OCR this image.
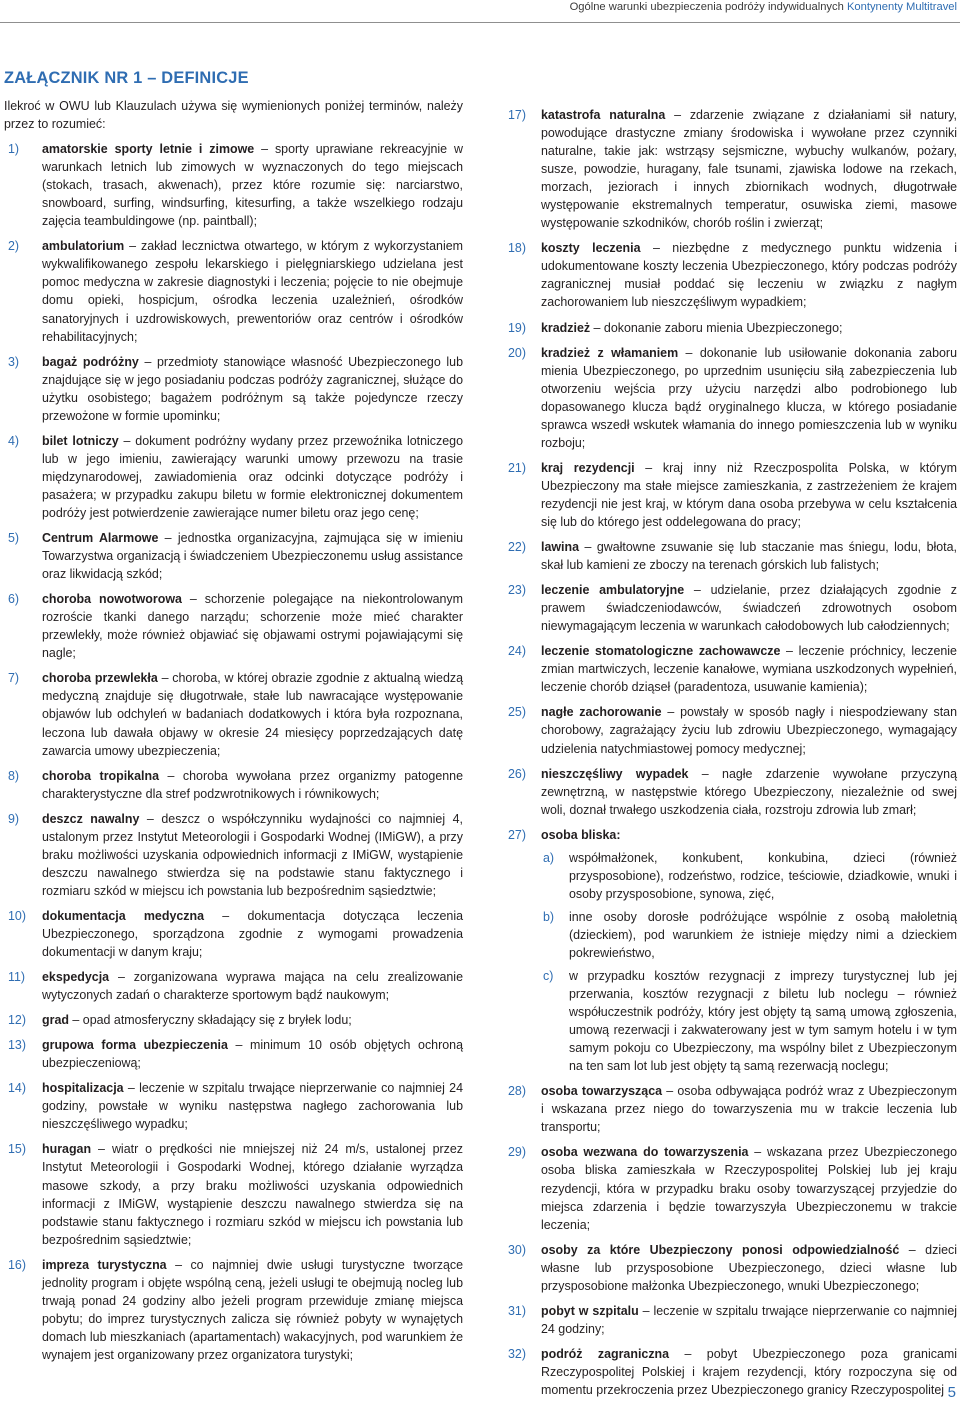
Ogólne warunki ubezpieczenia podróży indywidualnych Kontynenty Multitravel
ZAŁĄCZNIK NR 1 – DEFINICJE

Ilekroć w OWU lub Klauzulach używa się wymienionych poniżej terminów, należy przez to rozumieć:

1) amatorskie sporty letnie i zimowe – sporty uprawiane rekreacyjnie w warunkach letnich lub zimowych w wyznaczonych do tego miejscach (stokach, trasach, akwenach), przez które rozumie się: narciarstwo, snowboard, surfing, windsurfing, kitesurfing, a także wszelkiego rodzaju zajęcia teambuldingowe (np. paintball);

2) ambulatorium – zakład lecznictwa otwartego, w którym z wykorzystaniem wykwalifikowanego zespołu lekarskiego i pielęgniarskiego udzielana jest pomoc medyczna w zakresie diagnostyki i leczenia; pojęcie to nie obejmuje domu opieki, hospicjum, ośrodka leczenia uzależnień, ośrodków sanatoryjnych i uzdrowiskowych, prewentoriów oraz centrów i ośrodków rehabilitacyjnych;

3) bagaż podróżny – przedmioty stanowiące własność Ubezpieczonego lub znajdujące się w jego posiadaniu podczas podróży zagranicznej, służące do użytku osobistego; bagażem podróżnym są także pojedyncze rzeczy przewożone w formie upominku;

4) bilet lotniczy – dokument podróżny wydany przez przewoźnika lotniczego lub w jego imieniu, zawierający warunki umowy przewozu na trasie międzynarodowej, zawiadomienia oraz odcinki dotyczące podróży i pasażera; w przypadku zakupu biletu w formie elektronicznej dokumentem podróży jest potwierdzenie zawierające numer biletu oraz jego cenę;

5) Centrum Alarmowe – jednostka organizacyjna, zajmująca się w imieniu Towarzystwa organizacją i świadczeniem Ubezpieczonemu usług assistance oraz likwidacją szkód;

6) choroba nowotworowa – schorzenie polegające na niekontrolowanym rozroście tkanki danego narządu; schorzenie może mieć charakter przewlekły, może również objawiać się objawami ostrymi pojawiającymi się nagle;

7) choroba przewlekła – choroba, w której obrazie zgodnie z aktualną wiedzą medyczną znajduje się długotrwałe, stałe lub nawracające występowanie objawów lub odchyleń w badaniach dodatkowych i która była rozpoznana, leczona lub dawała objawy w okresie 24 miesięcy poprzedzających datę zawarcia umowy ubezpieczenia;

8) choroba tropikalna – choroba wywołana przez organizmy patogenne charakterystyczne dla stref podzwrotnikowych i równikowych;

9) deszcz nawalny – deszcz o współczynniku wydajności co najmniej 4, ustalonym przez Instytut Meteorologii i Gospodarki Wodnej (IMiGW), a przy braku możliwości uzyskania odpowiednich informacji z IMiGW, wystąpienie deszczu nawalnego stwierdza się na podstawie stanu faktycznego i rozmiaru szkód w miejscu ich powstania lub bezpośrednim sąsiedztwie;

10) dokumentacja medyczna – dokumentacja dotycząca leczenia Ubezpieczonego, sporządzona zgodnie z wymogami prowadzenia dokumentacji w danym kraju;

11) ekspedycja – zorganizowana wyprawa mająca na celu zrealizowanie wytyczonych zadań o charakterze sportowym bądź naukowym;

12) grad – opad atmosferyczny składający się z bryłek lodu;

13) grupowa forma ubezpieczenia – minimum 10 osób objętych ochroną ubezpieczeniową;

14) hospitalizacja – leczenie w szpitalu trwające nieprzerwanie co najmniej 24 godziny, powstałe w wyniku następstwa nagłego zachorowania lub nieszczęśliwego wypadku;

15) huragan – wiatr o prędkości nie mniejszej niż 24 m/s, ustalonej przez Instytut Meteorologii i Gospodarki Wodnej, którego działanie wyrządza masowe szkody, a przy braku możliwości uzyskania odpowiednich informacji z IMiGW, wystąpienie deszczu nawalnego stwierdza się na podstawie stanu faktycznego i rozmiaru szkód w miejscu ich powstania lub bezpośrednim sąsiedztwie;

16) impreza turystyczna – co najmniej dwie usługi turystyczne tworzące jednolity program i objęte wspólną ceną, jeżeli usługi te obejmują nocleg lub trwają ponad 24 godziny albo jeżeli program przewiduje zmianę miejsca pobytu; do imprez turystycznych zalicza się również pobyty w wynajętych domach lub mieszkaniach (apartamentach) wakacyjnych, pod warunkiem że wynajem jest organizowany przez organizatora turystyki;

17) katastrofa naturalna – zdarzenie związane z działaniami sił natury, powodujące drastyczne zmiany środowiska i wywołane przez czynniki naturalne, takie jak: wstrząsy sejsmiczne, wybuchy wulkanów, pożary, susze, powodzie, huragany, fale tsunami, zjawiska lodowe na rzekach, morzach, jeziorach i innych zbiornikach wodnych, długotrwałe występowanie ekstremalnych temperatur, osuwiska ziemi, masowe występowanie szkodników, chorób roślin i zwierząt;

18) koszty leczenia – niezbędne z medycznego punktu widzenia i udokumentowane koszty leczenia Ubezpieczonego, który podczas podróży zagranicznej musiał poddać się leczeniu w związku z nagłym zachorowaniem lub nieszczęśliwym wypadkiem;

19) kradzież – dokonanie zaboru mienia Ubezpieczonego;

20) kradzież z włamaniem – dokonanie lub usiłowanie dokonania zaboru mienia Ubezpieczonego, po uprzednim usunięciu siłą zabezpieczenia lub otworzeniu wejścia przy użyciu narzędzi albo podrobionego lub dopasowanego klucza bądź oryginalnego klucza, w którego posiadanie sprawca wszedł wskutek włamania do innego pomieszczenia lub w wyniku rozboju;

21) kraj rezydencji – kraj inny niż Rzeczpospolita Polska, w którym Ubezpieczony ma stałe miejsce zamieszkania, z zastrzeżeniem że krajem rezydencji nie jest kraj, w którym dana osoba przebywa w celu kształcenia się lub do którego jest oddelegowana do pracy;

22) lawina – gwałtowne zsuwanie się lub staczanie mas śniegu, lodu, błota, skał lub kamieni ze zboczy na terenach górskich lub falistych;

23) leczenie ambulatoryjne – udzielanie, przez działających zgodnie z prawem świadczeniodawców, świadczeń zdrowotnych osobom niewymagającym leczenia w warunkach całodobowych lub całodziennych;

24) leczenie stomatologiczne zachowawcze – leczenie próchnicy, leczenie zmian martwiczych, leczenie kanałowe, wymiana uszkodzonych wypełnień, leczenie chorób dziąseł (paradentoza, usuwanie kamienia);

25) nagłe zachorowanie – powstały w sposób nagły i niespodziewany stan chorobowy, zagrażający życiu lub zdrowiu Ubezpieczonego, wymagający udzielenia natychmiastowej pomocy medycznej;

26) nieszczęśliwy wypadek – nagłe zdarzenie wywołane przyczyną zewnętrzną, w następstwie którego Ubezpieczony, niezależnie od swej woli, doznał trwałego uszkodzenia ciała, rozstroju zdrowia lub zmarł;

27) osoba bliska:

a) współmałżonek, konkubent, konkubina, dzieci (również przysposobione), rodzeństwo, rodzice, teściowie, dziadkowie, wnuki i osoby przysposobione, synowa, zięć,
b) inne osoby dorosłe podróżujące wspólnie z osobą małoletnią (dzieckiem), pod warunkiem że istnieje między nimi a dzieckiem pokrewieństwo,
c) w przypadku kosztów rezygnacji z imprezy turystycznej lub jej przerwania, kosztów rezygnacji z biletu lub noclegu – również współuczestnik podróży, który jest objęty tą samą umową zgłoszenia, umową rezerwacji i zakwaterowany jest w tym samym hotelu i w tym samym pokoju co Ubezpieczony, ma wspólny bilet z Ubezpieczonym na ten sam lot lub jest objęty tą samą rezerwacją noclegu;
28) osoba towarzysząca – osoba odbywająca podróż wraz z Ubezpieczonym i wskazana przez niego do towarzyszenia mu w trakcie leczenia lub transportu;

29) osoba wezwana do towarzyszenia – wskazana przez Ubezpieczonego osoba bliska zamieszkała w Rzeczypospolitej Polskiej lub jej kraju rezydencji, która w przypadku braku osoby towarzyszącej przyjedzie do miejsca zdarzenia i będzie towarzyszyła Ubezpieczonemu w trakcie leczenia;

30) osoby za które Ubezpieczony ponosi odpowiedzialność – dzieci własne lub przysposobione Ubezpieczonego, dzieci własne lub przysposobione małżonka Ubezpieczonego, wnuki Ubezpieczonego;

31) pobyt w szpitalu – leczenie w szpitalu trwające nieprzerwanie co najmniej 24 godziny;

32) podróż zagraniczna – pobyt Ubezpieczonego poza granicami Rzeczypospolitej Polskiej i krajem rezydencji, który rozpoczyna się od momentu przekroczenia przez Ubezpieczonego granicy Rzeczypospolitej 5
